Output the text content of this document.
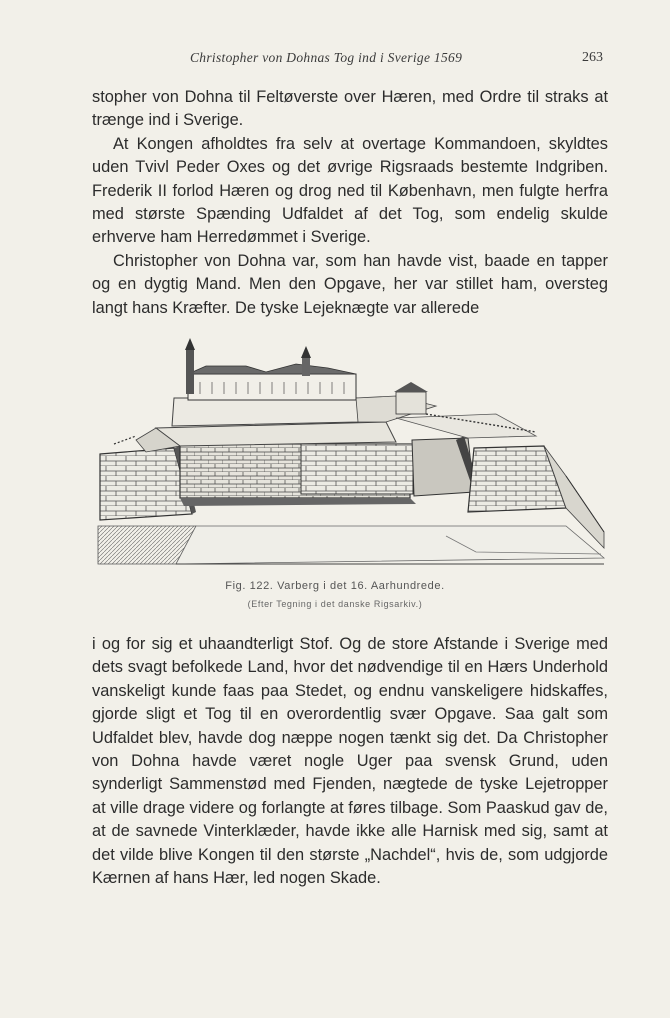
Christopher von Dohnas Tog ind i Sverige 1569	263

stopher von Dohna til Feltøverste over Hæren, med Ordre til straks at trænge ind i Sverige.

At Kongen afholdtes fra selv at overtage Kommandoen, skyldtes uden Tvivl Peder Oxes og det øvrige Rigsraads bestemte Indgriben. Frederik II forlod Hæren og drog ned til København, men fulgte herfra med største Spænding Udfaldet af det Tog, som endelig skulde erhverve ham Herredømmet i Sverige.

Christopher von Dohna var, som han havde vist, baade en tapper og en dygtig Mand. Men den Opgave, her var stillet ham, oversteg langt hans Kræfter. De tyske Lejeknægte var allerede

Fig. 122. Varberg i det 16. Aarhundrede.
(Efter Tegning i det danske Rigsarkiv.)

i og for sig et uhaandterligt Stof. Og de store Afstande i Sverige med dets svagt befolkede Land, hvor det nødvendige til en Hærs Underhold vanskeligt kunde faas paa Stedet, og endnu vanskeligere hidskaffes, gjorde sligt et Tog til en overordentlig svær Opgave. Saa galt som Udfaldet blev, havde dog næppe nogen tænkt sig det. Da Christopher von Dohna havde været nogle Uger paa svensk Grund, uden synderligt Sammenstød med Fjenden, nægtede de tyske Lejetropper at ville drage videre og forlangte at føres tilbage. Som Paaskud gav de, at de savnede Vinterklæder, havde ikke alle Harnisk med sig, samt at det vilde blive Kongen til den største „Nachdel“, hvis de, som udgjorde Kærnen af hans Hær, led nogen Skade.
